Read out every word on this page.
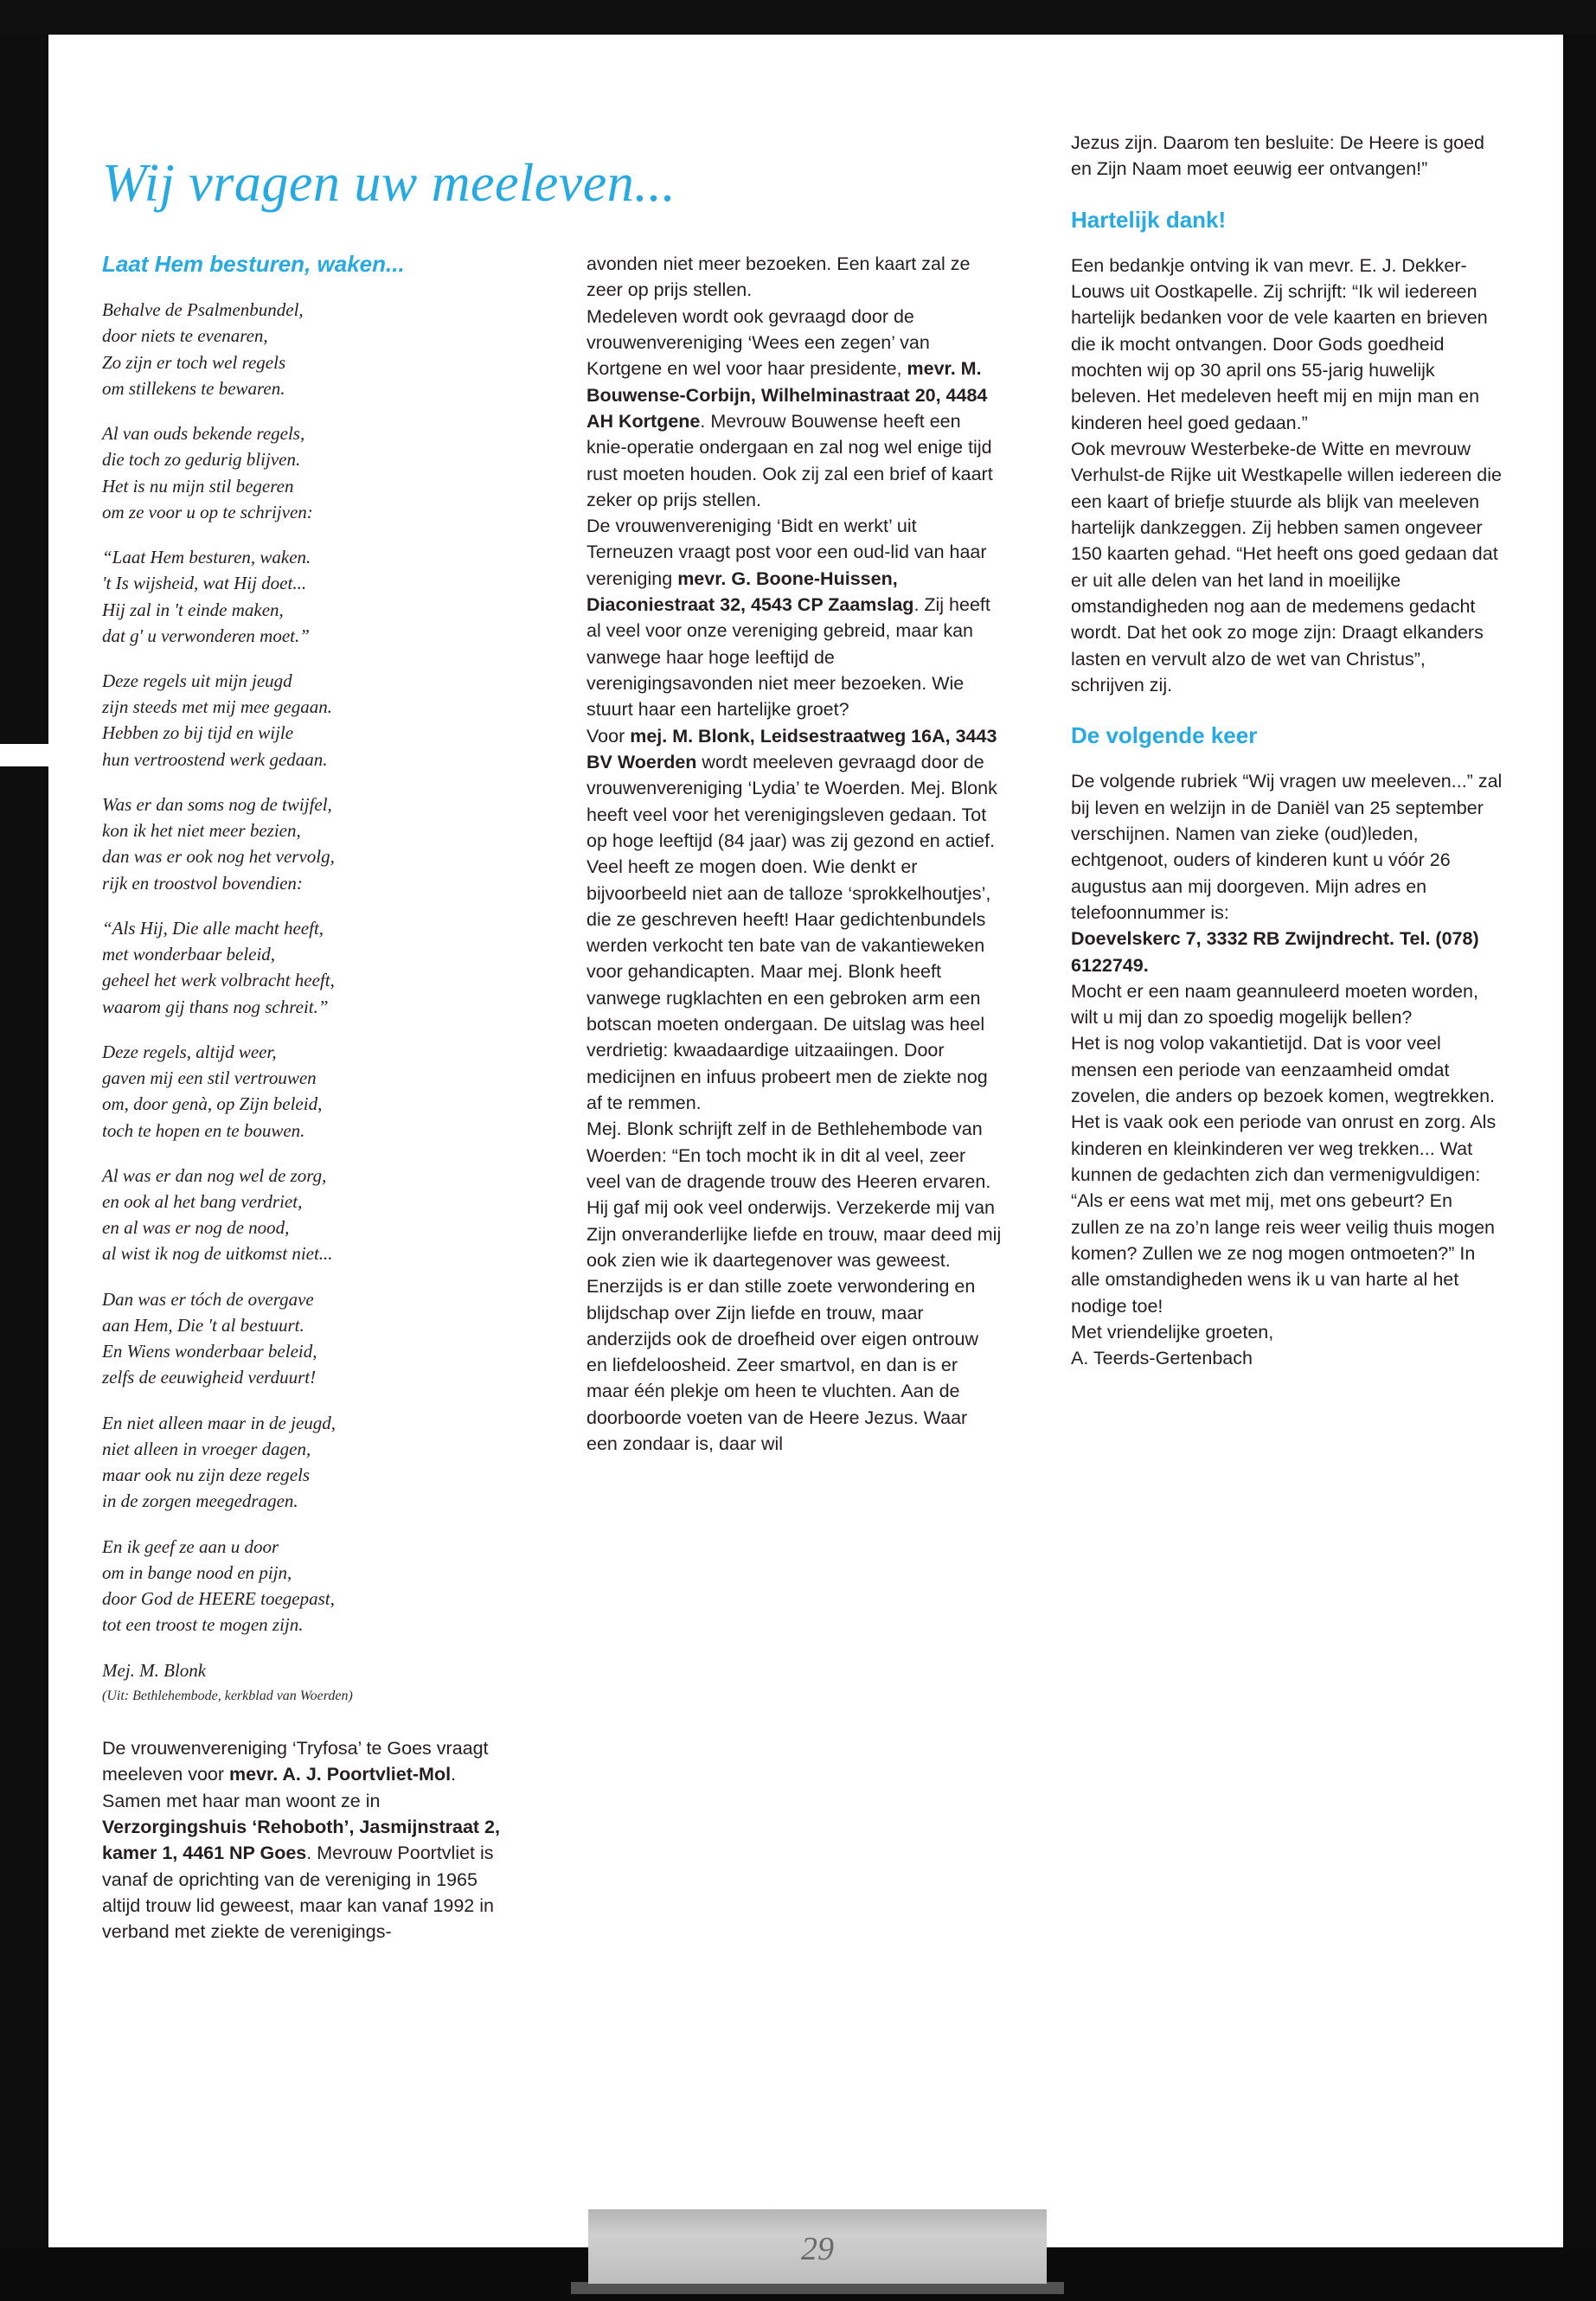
Wij vragen uw meeleven...
Laat Hem besturen, waken...
Behalve de Psalmenbundel,
door niets te evenaren,
Zo zijn er toch wel regels
om stillekens te bewaren.
Al van ouds bekende regels,
die toch zo gedurig blijven.
Het is nu mijn stil begeren
om ze voor u op te schrijven:
“Laat Hem besturen, waken.
't Is wijsheid, wat Hij doet...
Hij zal in 't einde maken,
dat g' u verwonderen moet.”
Deze regels uit mijn jeugd
zijn steeds met mij mee gegaan.
Hebben zo bij tijd en wijle
hun vertroostend werk gedaan.
Was er dan soms nog de twijfel,
kon ik het niet meer bezien,
dan was er ook nog het vervolg,
rijk en troostvol bovendien:
“Als Hij, Die alle macht heeft,
met wonderbaar beleid,
geheel het werk volbracht heeft,
waarom gij thans nog schreit.”
Deze regels, altijd weer,
gaven mij een stil vertrouwen
om, door genà, op Zijn beleid,
toch te hopen en te bouwen.
Al was er dan nog wel de zorg,
en ook al het bang verdriet,
en al was er nog de nood,
al wist ik nog de uitkomst niet...
Dan was er tóch de overgave
aan Hem, Die 't al bestuurt.
En Wiens wonderbaar beleid,
zelfs de eeuwigheid verduurt!
En niet alleen maar in de jeugd,
niet alleen in vroeger dagen,
maar ook nu zijn deze regels
in de zorgen meegedragen.
En ik geef ze aan u door
om in bange nood en pijn,
door God de HEERE toegepast,
tot een troost te mogen zijn.
Mej. M. Blonk
(Uit: Bethlehembode, kerkblad van Woerden)

De vrouwenvereniging ‘Tryfosa’ te Goes vraagt meeleven voor mevr. A. J. Poortvliet-Mol. Samen met haar man woont ze in Verzorgingshuis ‘Rehoboth’, Jasmijnstraat 2, kamer 1, 4461 NP Goes. Mevrouw Poortvliet is vanaf de oprichting van de vereniging in 1965 altijd trouw lid geweest, maar kan vanaf 1992 in verband met ziekte de verenigings-

avonden niet meer bezoeken. Een kaart zal ze zeer op prijs stellen.

Medeleven wordt ook gevraagd door de vrouwenvereniging ‘Wees een zegen’ van Kortgene en wel voor haar presidente, mevr. M. Bouwense-Corbijn, Wilhelminastraat 20, 4484 AH Kortgene. Mevrouw Bouwense heeft een knie-operatie ondergaan en zal nog wel enige tijd rust moeten houden. Ook zij zal een brief of kaart zeker op prijs stellen.

De vrouwenvereniging ‘Bidt en werkt’ uit Terneuzen vraagt post voor een oud-lid van haar vereniging mevr. G. Boone-Huissen, Diaconiestraat 32, 4543 CP Zaamslag. Zij heeft al veel voor onze vereniging gebreid, maar kan vanwege haar hoge leeftijd de verenigingsavonden niet meer bezoeken. Wie stuurt haar een hartelijke groet?

Voor mej. M. Blonk, Leidsestraatweg 16A, 3443 BV Woerden wordt meeleven gevraagd door de vrouwenvereniging ‘Lydia’ te Woerden. Mej. Blonk heeft veel voor het verenigingsleven gedaan. Tot op hoge leeftijd (84 jaar) was zij gezond en actief. Veel heeft ze mogen doen. Wie denkt er bijvoorbeeld niet aan de talloze ‘sprokkelhoutjes’, die ze geschreven heeft! Haar gedichtenbundels werden verkocht ten bate van de vakantieweken voor gehandicapten. Maar mej. Blonk heeft vanwege rugklachten en een gebroken arm een botscan moeten ondergaan. De uitslag was heel verdrietig: kwaadaardige uitzaaiingen. Door medicijnen en infuus probeert men de ziekte nog af te remmen.

Mej. Blonk schrijft zelf in de Bethlehembode van Woerden: “En toch mocht ik in dit al veel, zeer veel van de dragende trouw des Heeren ervaren. Hij gaf mij ook veel onderwijs. Verzekerde mij van Zijn onveranderlijke liefde en trouw, maar deed mij ook zien wie ik daartegenover was geweest. Enerzijds is er dan stille zoete verwondering en blijdschap over Zijn liefde en trouw, maar anderzijds ook de droefheid over eigen ontrouw en liefdeloosheid. Zeer smartvol, en dan is er maar één plekje om heen te vluchten. Aan de doorboorde voeten van de Heere Jezus. Waar een zondaar is, daar wil

Jezus zijn. Daarom ten besluite: De Heere is goed en Zijn Naam moet eeuwig eer ontvangen!”

Hartelijk dank!

Een bedankje ontving ik van mevr. E. J. Dekker-Louws uit Oostkapelle. Zij schrijft: “Ik wil iedereen hartelijk bedanken voor de vele kaarten en brieven die ik mocht ontvangen. Door Gods goedheid mochten wij op 30 april ons 55-jarig huwelijk beleven. Het medeleven heeft mij en mijn man en kinderen heel goed gedaan.”

Ook mevrouw Westerbeke-de Witte en mevrouw Verhulst-de Rijke uit Westkapelle willen iedereen die een kaart of briefje stuurde als blijk van meeleven hartelijk dankzeggen. Zij hebben samen ongeveer 150 kaarten gehad. “Het heeft ons goed gedaan dat er uit alle delen van het land in moeilijke omstandigheden nog aan de medemens gedacht wordt. Dat het ook zo moge zijn: Draagt elkanders lasten en vervult alzo de wet van Christus”, schrijven zij.

De volgende keer

De volgende rubriek “Wij vragen uw meeleven...” zal bij leven en welzijn in de Daniël van 25 september verschijnen. Namen van zieke (oud)leden, echtgenoot, ouders of kinderen kunt u vóór 26 augustus aan mij doorgeven. Mijn adres en telefoonnummer is:

Doevelskerc 7, 3332 RB Zwijndrecht. Tel. (078) 6122749.

Mocht er een naam geannuleerd moeten worden, wilt u mij dan zo spoedig mogelijk bellen?

Het is nog volop vakantietijd. Dat is voor veel mensen een periode van eenzaamheid omdat zovelen, die anders op bezoek komen, wegtrekken. Het is vaak ook een periode van onrust en zorg. Als kinderen en kleinkinderen ver weg trekken... Wat kunnen de gedachten zich dan vermenigvuldigen: “Als er eens wat met mij, met ons gebeurt? En zullen ze na zo’n lange reis weer veilig thuis mogen komen? Zullen we ze nog mogen ontmoeten?” In alle omstandigheden wens ik u van harte al het nodige toe!

Met vriendelijke groeten,

A. Teerds-Gertenbach

29
